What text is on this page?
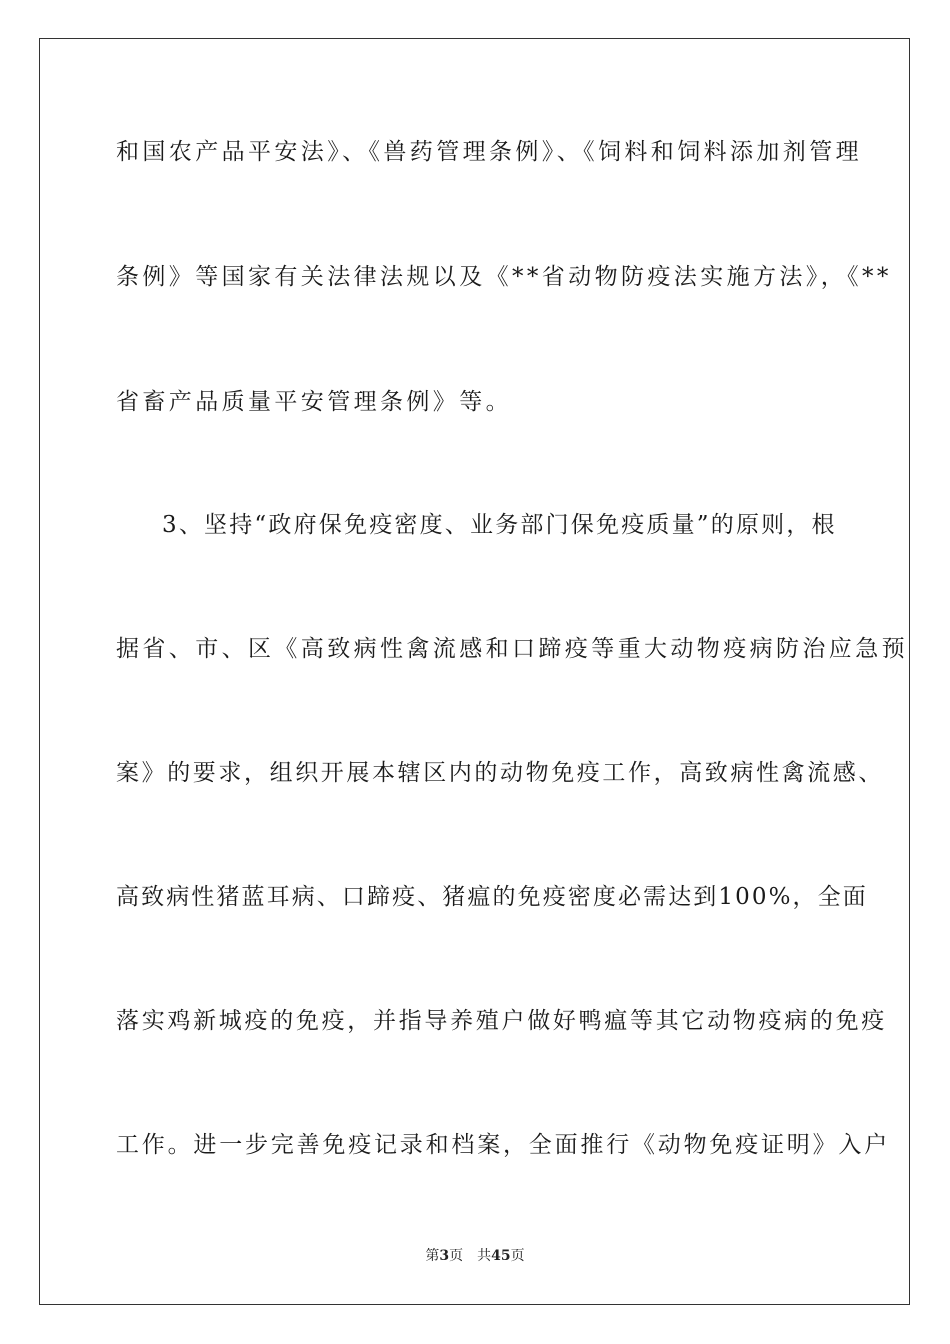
和国农产品平安法》、《兽药管理条例》、《饲料和饲料添加剂管理
条例》等国家有关法律法规以及《**省动物防疫法实施方法》，《**
省畜产品质量平安管理条例》等。
3、坚持“政府保免疫密度、业务部门保免疫质量”的原则，根
据省、市、区《高致病性禽流感和口蹄疫等重大动物疫病防治应急预
案》的要求，组织开展本辖区内的动物免疫工作，高致病性禽流感、
高致病性猪蓝耳病、口蹄疫、猪瘟的免疫密度必需达到100%，全面
落实鸡新城疫的免疫，并指导养殖户做好鸭瘟等其它动物疫病的免疫
工作。进一步完善免疫记录和档案，全面推行《动物免疫证明》入户
第3页 共45页
